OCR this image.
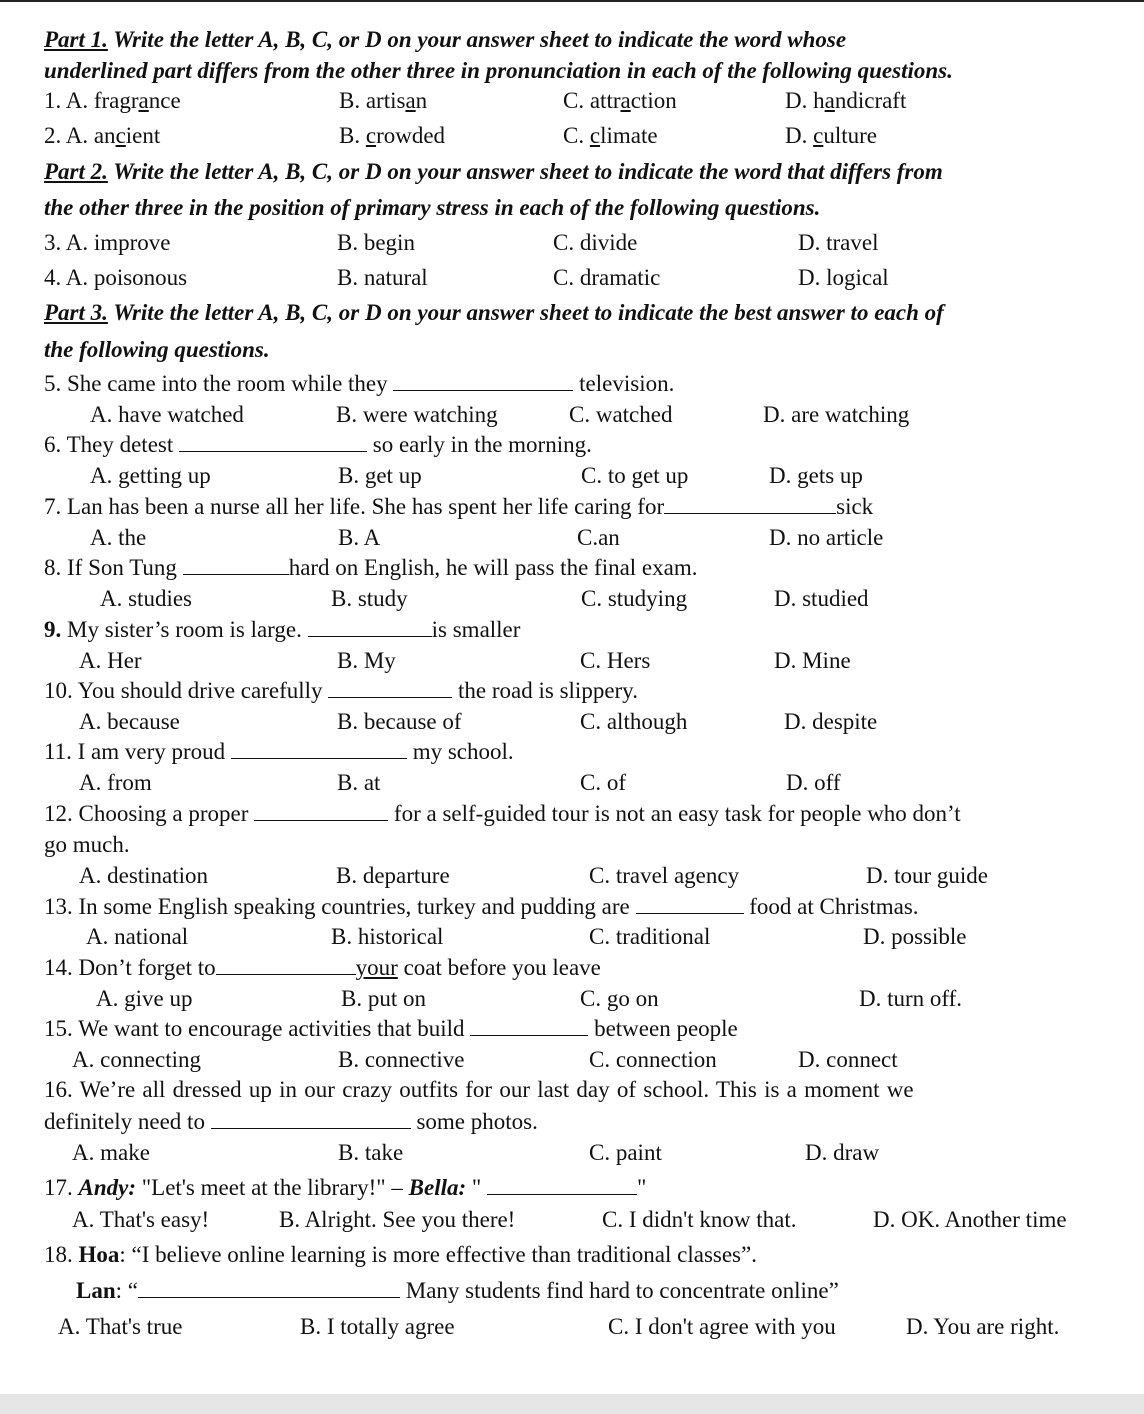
Part 1. Write the letter A, B, C, or D on your answer sheet to indicate the word whose
underlined part differs from the other three in pronunciation in each of the following questions.
1. A. fragrance	B. artisan	C. attraction	D. handicraft
2. A. ancient	B. crowded	C. climate	D. culture
Part 2. Write the letter A, B, C, or D on your answer sheet to indicate the word that differs from
the other three in the position of primary stress in each of the following questions.
3. A. improve	B. begin	C. divide	D. travel
4. A. poisonous	B. natural	C. dramatic	D. logical
Part 3. Write the letter A, B, C, or D on your answer sheet to indicate the best answer to each of
the following questions.
5. She came into the room while they	television.
A. have watched	B. were watching	C. watched	D. are watching
6. They detest	so early in the morning.
A. getting up	B. get up	C. to get up	D. gets up
7. Lan has been a nurse all her life. She has spent her life caring for	sick
A. the	B. A	C.an	D. no article
8. If Son Tung	hard on English, he will pass the final exam.
A. studies	B. study	C. studying	D. studied
9. My sister’s room is large.	is smaller
A. Her	B. My	C. Hers	D. Mine
10. You should drive carefully	the road is slippery.
A. because	B. because of	C. although	D. despite
11. I am very proud	my school.
A. from	B. at	C. of	D. off
12. Choosing a proper	for a self-guided tour is not an easy task for people who don’t
go much.
A. destination	B. departure	C. travel agency	D. tour guide
13. In some English speaking countries, turkey and pudding are	food at Christmas.
A. national	B. historical	C. traditional	D. possible
14. Don’t forget to	your coat before you leave
A. give up	B. put on	C. go on	D. turn off.
15. We want to encourage activities that build	between people
A. connecting	B. connective	C. connection	D. connect
16. We’re all dressed up in our crazy outfits for our last day of school. This is a moment we
definitely need to	some photos.
A. make	B. take	C. paint	D. draw
17. Andy: "Let's meet at the library!" – Bella: "	"
A. That's easy!	B. Alright. See you there!	C. I didn't know that.	D. OK. Another time
18. Hoa: “I believe online learning is more effective than traditional classes”.
Lan: “	Many students find hard to concentrate online”
A. That's true	B. I totally agree	C. I don't agree with you	D. You are right.
